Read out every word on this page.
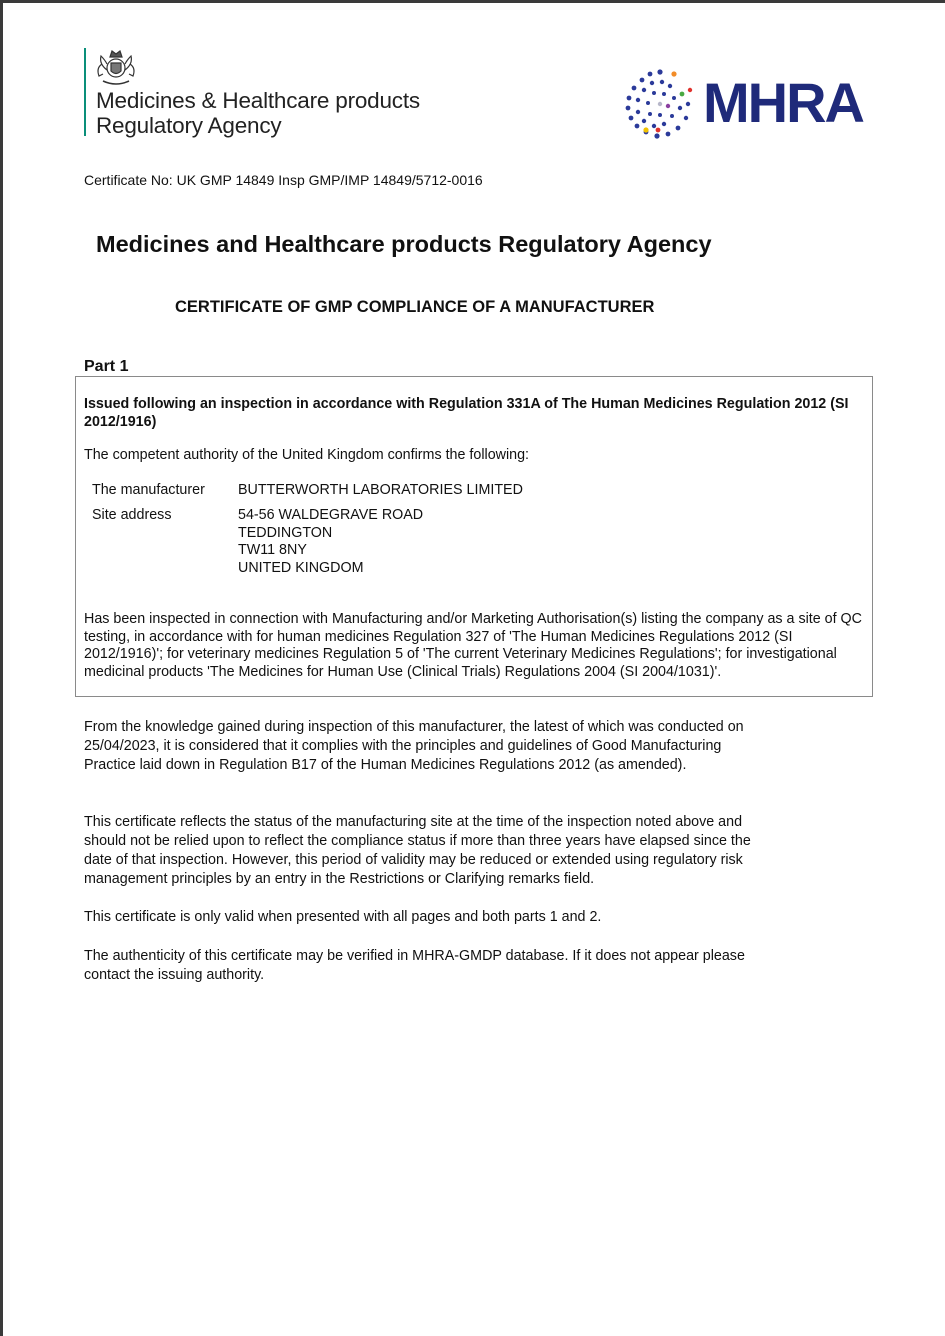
Medicines & Healthcare products
Regulatory Agency	MHRA
Certificate No: UK GMP 14849 Insp GMP/IMP 14849/5712-0016
Medicines and Healthcare products Regulatory Agency
CERTIFICATE OF GMP COMPLIANCE OF A MANUFACTURER
Part 1
Issued following an inspection in accordance with Regulation 331A of The Human Medicines Regulation 2012 (SI 2012/1916)
The competent authority of the United Kingdom confirms the following:
The manufacturer BUTTERWORTH LABORATORIES LIMITED
Site address	54-56 WALDEGRAVE ROAD
TEDDINGTON
TW11 8NY
UNITED KINGDOM
Has been inspected in connection with Manufacturing and/or Marketing Authorisation(s) listing the company as a site of QC testing, in accordance with for human medicines Regulation 327 of 'The Human Medicines Regulations 2012 (SI 2012/1916)'; for veterinary medicines Regulation 5 of 'The current Veterinary Medicines Regulations'; for investigational medicinal products 'The Medicines for Human Use (Clinical Trials) Regulations 2004 (SI 2004/1031)'.
From the knowledge gained during inspection of this manufacturer, the latest of which was conducted on 25/04/2023, it is considered that it complies with the principles and guidelines of Good Manufacturing Practice laid down in Regulation B17 of the Human Medicines Regulations 2012 (as amended).
This certificate reflects the status of the manufacturing site at the time of the inspection noted above and should not be relied upon to reflect the compliance status if more than three years have elapsed since the date of that inspection. However, this period of validity may be reduced or extended using regulatory risk management principles by an entry in the Restrictions or Clarifying remarks field.
This certificate is only valid when presented with all pages and both parts 1 and 2.
The authenticity of this certificate may be verified in MHRA-GMDP database. If it does not appear please contact the issuing authority.
